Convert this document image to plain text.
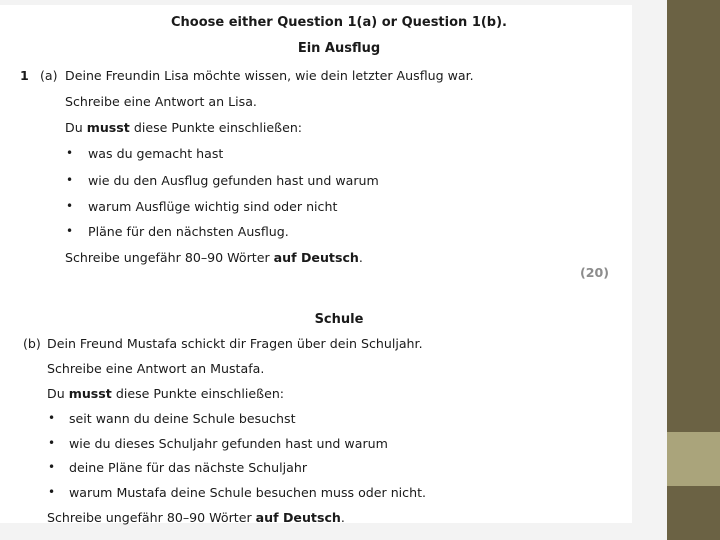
Choose either Question 1(a) or Question 1(b).
Ein Ausflug
1 (a) Deine Freundin Lisa möchte wissen, wie dein letzter Ausflug war.
Schreibe eine Antwort an Lisa.
Du musst diese Punkte einschließen:
• was du gemacht hast
• wie du den Ausflug gefunden hast und warum
• warum Ausflüge wichtig sind oder nicht
• Pläne für den nächsten Ausflug.
Schreibe ungefähr 80–90 Wörter auf Deutsch.
(20)
Schule
(b) Dein Freund Mustafa schickt dir Fragen über dein Schuljahr.
Schreibe eine Antwort an Mustafa.
Du musst diese Punkte einschließen:
• seit wann du deine Schule besuchst
• wie du dieses Schuljahr gefunden hast und warum
• deine Pläne für das nächste Schuljahr
• warum Mustafa deine Schule besuchen muss oder nicht.
Schreibe ungefähr 80–90 Wörter auf Deutsch.
